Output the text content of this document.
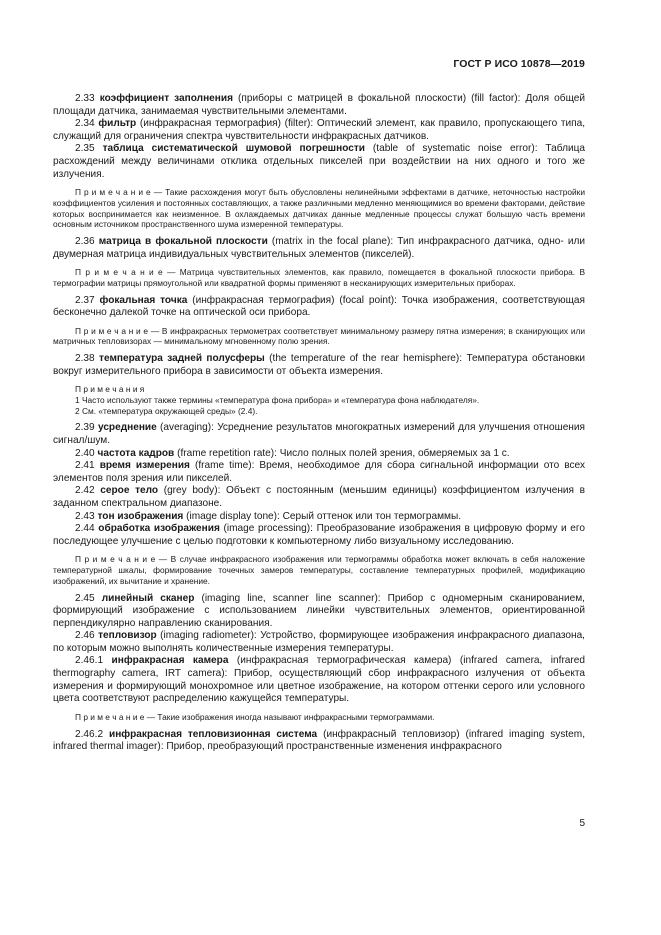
ГОСТ Р ИСО 10878—2019

2.33 коэффициент заполнения (приборы с матрицей в фокальной плоскости) (fill factor): Доля общей площади датчика, занимаемая чувствительными элементами.

2.34 фильтр (инфракрасная термография) (filter): Оптический элемент, как правило, пропускающего типа, служащий для ограничения спектра чувствительности инфракрасных датчиков.

2.35 таблица систематической шумовой погрешности (table of systematic noise error): Таблица расхождений между величинами отклика отдельных пикселей при воздействии на них одного и того же излучения.

П р и м е ч а н и е — Такие расхождения могут быть обусловлены нелинейными эффектами в датчике, неточностью настройки коэффициентов усиления и постоянных составляющих, а также различными медленно меняющимися во времени факторами, действие которых воспринимается как неизменное. В охлаждаемых датчиках данные медленные процессы служат большую часть времени основным источником пространственного шума измеренной температуры.

2.36 матрица в фокальной плоскости (matrix in the focal plane): Тип инфракрасного датчика, одно- или двумерная матрица индивидуальных чувствительных элементов (пикселей).

П р и м е ч а н и е — Матрица чувствительных элементов, как правило, помещается в фокальной плоскости прибора. В термографии матрицы прямоугольной или квадратной формы применяют в несканирующих измерительных приборах.

2.37 фокальная точка (инфракрасная термография) (focal point): Точка изображения, соответствующая бесконечно далекой точке на оптической оси прибора.

П р и м е ч а н и е — В инфракрасных термометрах соответствует минимальному размеру пятна измерения; в сканирующих или матричных тепловизорах — минимальному мгновенному полю зрения.

2.38 температура задней полусферы (the temperature of the rear hemisphere): Температура обстановки вокруг измерительного прибора в зависимости от объекта измерения.

П р и м е ч а н и я

1 Часто используют также термины «температура фона прибора» и «температура фона наблюдателя».

2 См. «температура окружающей среды» (2.4).

2.39 усреднение (averaging): Усреднение результатов многократных измерений для улучшения отношения сигнал/шум.

2.40 частота кадров (frame repetition rate): Число полных полей зрения, обмеряемых за 1 с.

2.41 время измерения (frame time): Время, необходимое для сбора сигнальной информации ото всех элементов поля зрения или пикселей.

2.42 серое тело (grey body): Объект с постоянным (меньшим единицы) коэффициентом излучения в заданном спектральном диапазоне.

2.43 тон изображения (image display tone): Серый оттенок или тон термограммы.

2.44 обработка изображения (image processing): Преобразование изображения в цифровую форму и его последующее улучшение с целью подготовки к компьютерному либо визуальному исследованию.

П р и м е ч а н и е — В случае инфракрасного изображения или термограммы обработка может включать в себя наложение температурной шкалы, формирование точечных замеров температуры, составление температурных профилей, модификацию изображений, их вычитание и хранение.

2.45 линейный сканер (imaging line, scanner line scanner): Прибор с одномерным сканированием, формирующий изображение с использованием линейки чувствительных элементов, ориентированной перпендикулярно направлению сканирования.

2.46 тепловизор (imaging radiometer): Устройство, формирующее изображения инфракрасного диапазона, по которым можно выполнять количественные измерения температуры.

2.46.1 инфракрасная камера (инфракрасная термографическая камера) (infrared camera, infrared thermography camera, IRT camera): Прибор, осуществляющий сбор инфракрасного излучения от объекта измерения и формирующий монохромное или цветное изображение, на котором оттенки серого или условного цвета соответствуют распределению кажущейся температуры.

П р и м е ч а н и е — Такие изображения иногда называют инфракрасными термограммами.

2.46.2 инфракрасная тепловизионная система (инфракрасный тепловизор) (infrared imaging system, infrared thermal imager): Прибор, преобразующий пространственные изменения инфракрасного

5
